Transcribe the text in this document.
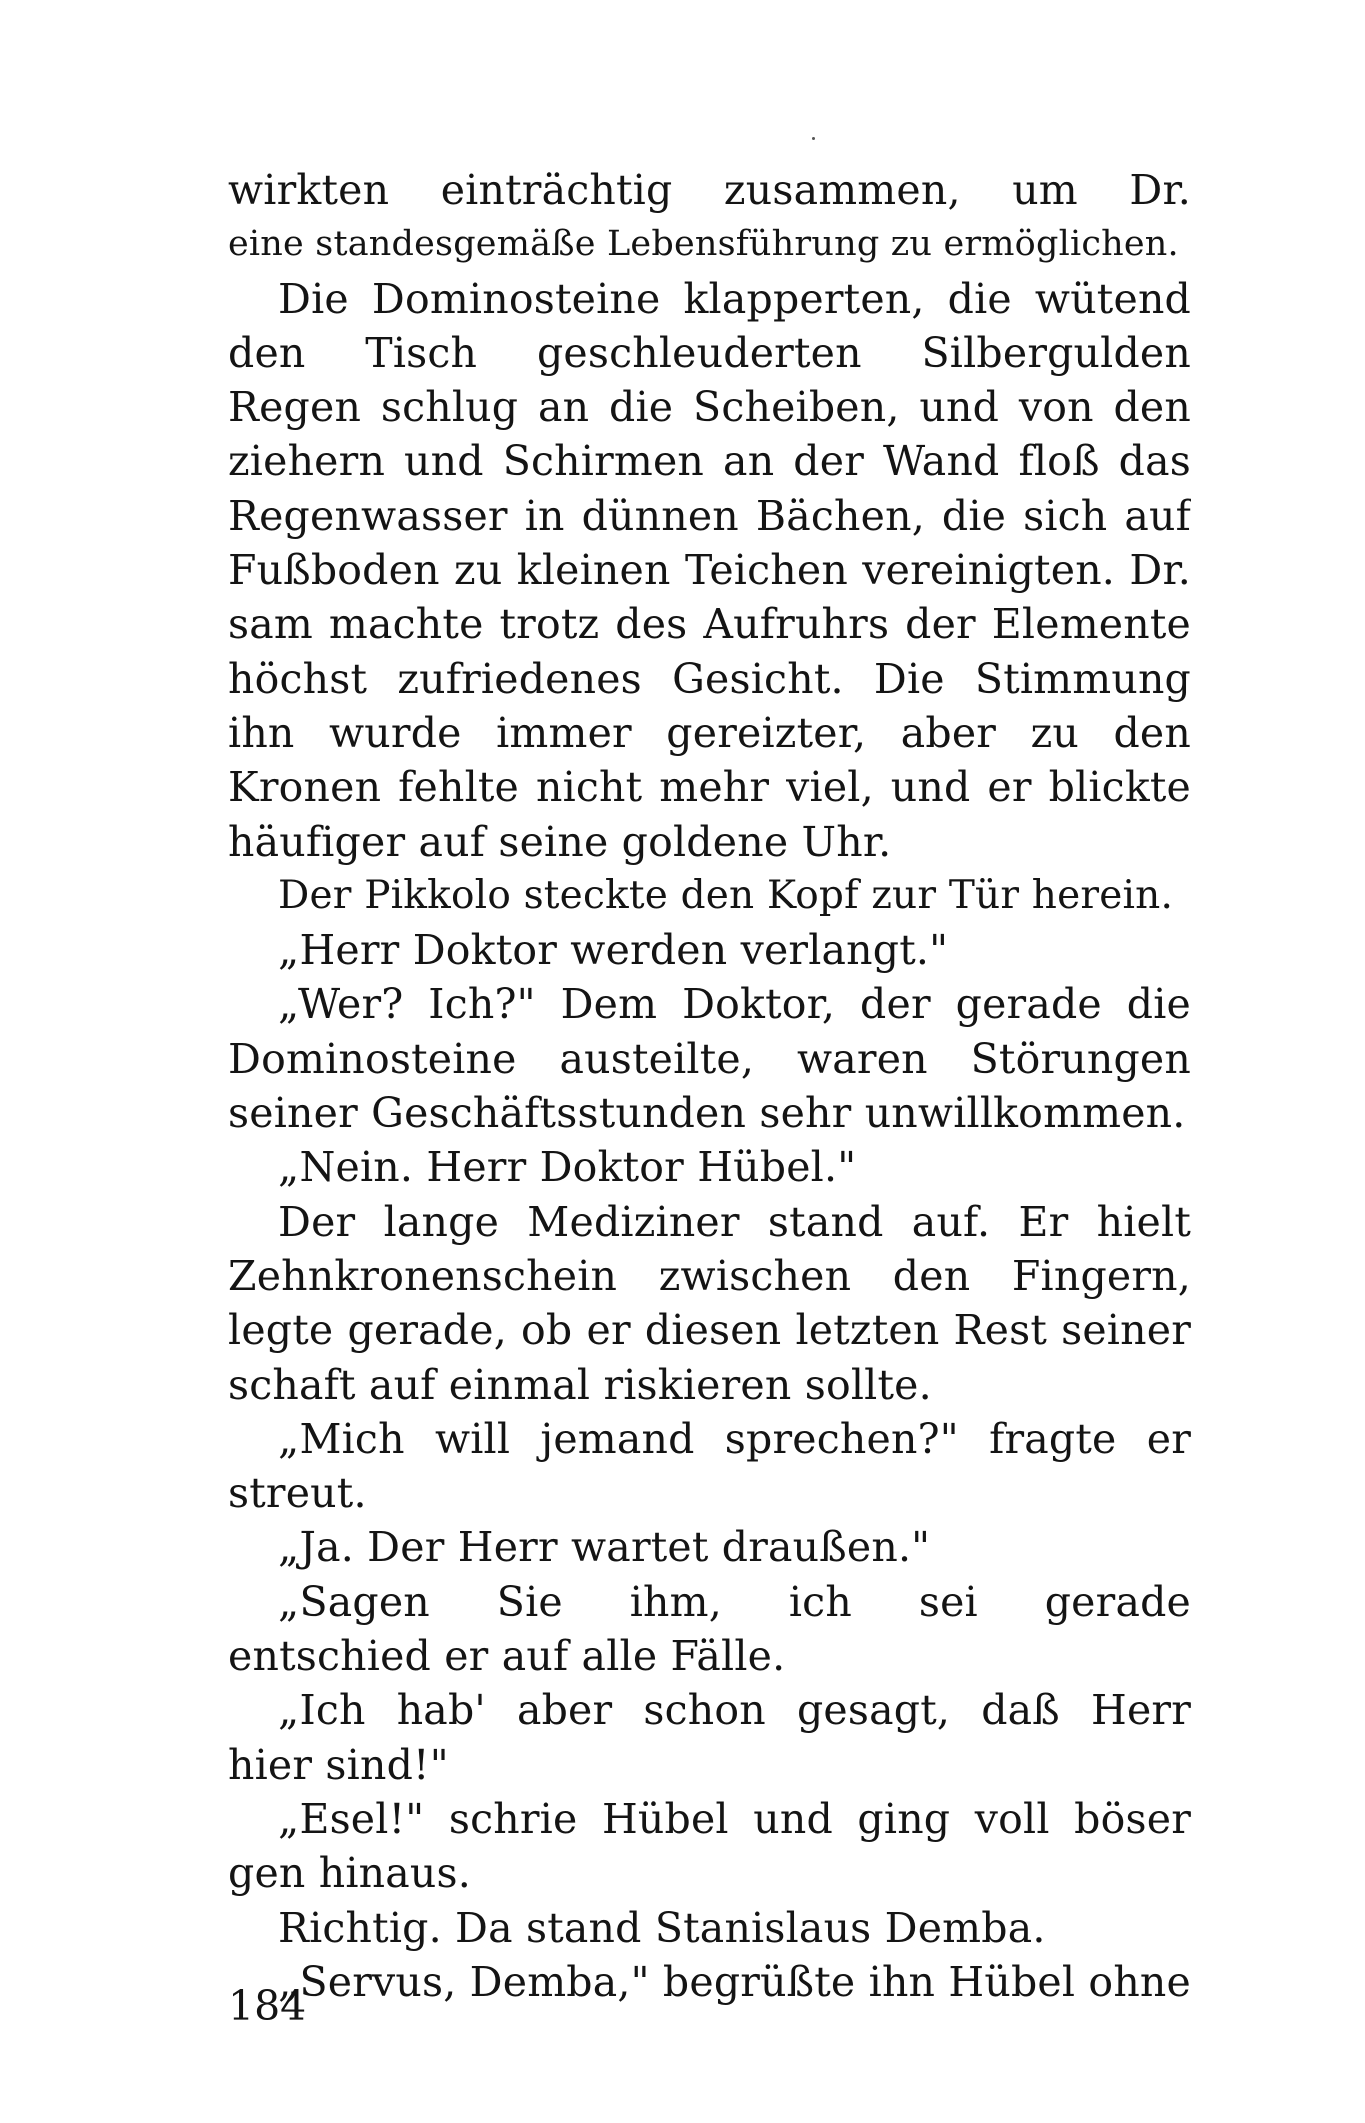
wirkten einträchtig zusammen, um Dr.
eine standesgemäße Lebensführung zu ermöglichen.
Die Dominosteine klapperten, die wütend
den Tisch geschleuderten Silbergulden
Regen schlug an die Scheiben, und von den
ziehern und Schirmen an der Wand floß das
Regenwasser in dünnen Bächen, die sich auf
Fußboden zu kleinen Teichen vereinigten. Dr.
sam machte trotz des Aufruhrs der Elemente
höchst zufriedenes Gesicht. Die Stimmung
ihn wurde immer gereizter, aber zu den
Kronen fehlte nicht mehr viel, und er blickte
häufiger auf seine goldene Uhr.
Der Pikkolo steckte den Kopf zur Tür herein.
„Herr Doktor werden verlangt."
„Wer? Ich?" Dem Doktor, der gerade die
Dominosteine austeilte, waren Störungen
seiner Geschäftsstunden sehr unwillkommen.
„Nein. Herr Doktor Hübel."
Der lange Mediziner stand auf. Er hielt
Zehnkronenschein zwischen den Fingern,
legte gerade, ob er diesen letzten Rest seiner
schaft auf einmal riskieren sollte.
„Mich will jemand sprechen?" fragte er
streut.
„Ja. Der Herr wartet draußen."
„Sagen Sie ihm, ich sei gerade
entschied er auf alle Fälle.
„Ich hab' aber schon gesagt, daß Herr
hier sind!"
„Esel!" schrie Hübel und ging voll böser
gen hinaus.
Richtig. Da stand Stanislaus Demba.
„Servus, Demba," begrüßte ihn Hübel ohne
184
